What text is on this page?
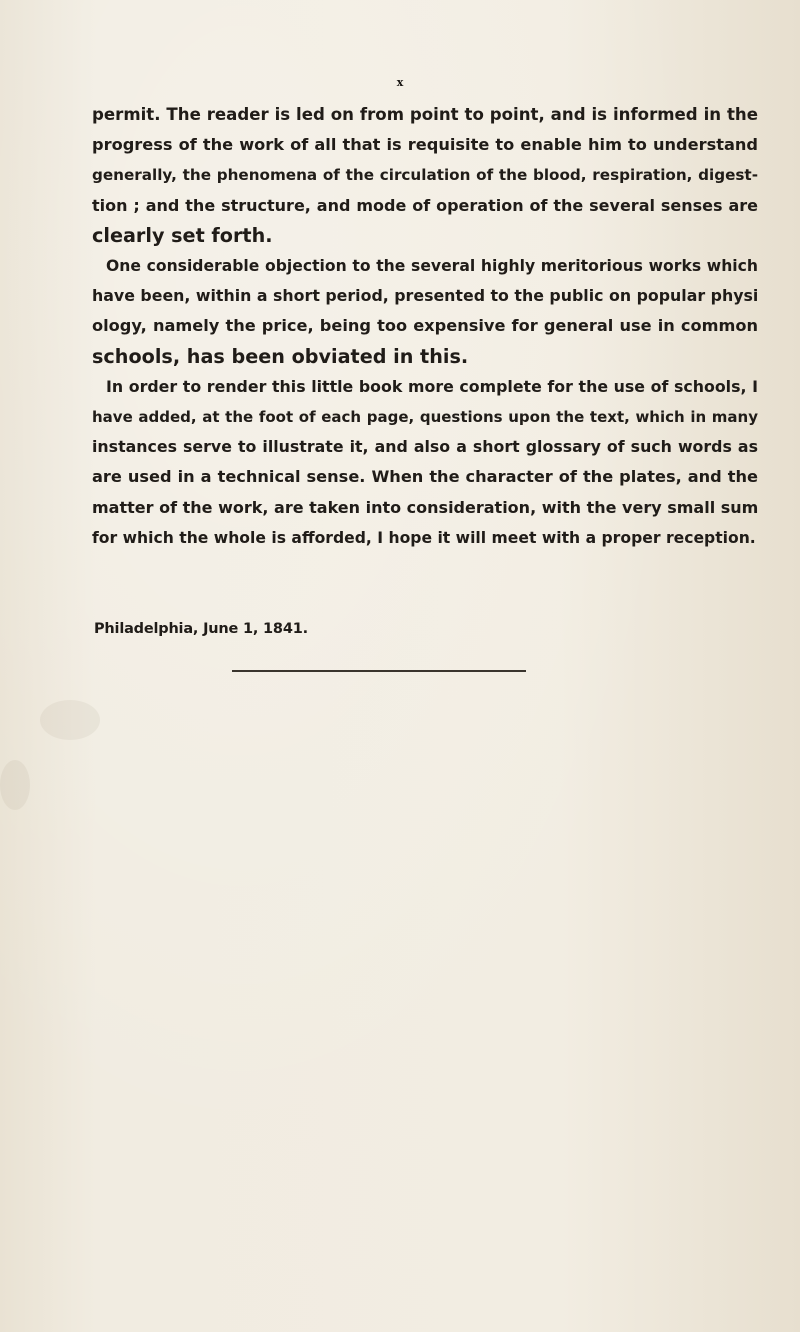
x
permit. The reader is led on from point to point, and is informed in the
progress of the work of all that is requisite to enable him to understand
generally, the phenomena of the circulation of the blood, respiration, digest-
tion ; and the structure, and mode of operation of the several senses are
clearly set forth.
One considerable objection to the several highly meritorious works which
have been, within a short period, presented to the public on popular physi
ology, namely the price, being too expensive for general use in common
schools, has been obviated in this.
In order to render this little book more complete for the use of schools, I
have added, at the foot of each page, questions upon the text, which in many
instances serve to illustrate it, and also a short glossary of such words as
are used in a technical sense. When the character of the plates, and the
matter of the work, are taken into consideration, with the very small sum
for which the whole is afforded, I hope it will meet with a proper reception.
Philadelphia, June 1, 1841.
